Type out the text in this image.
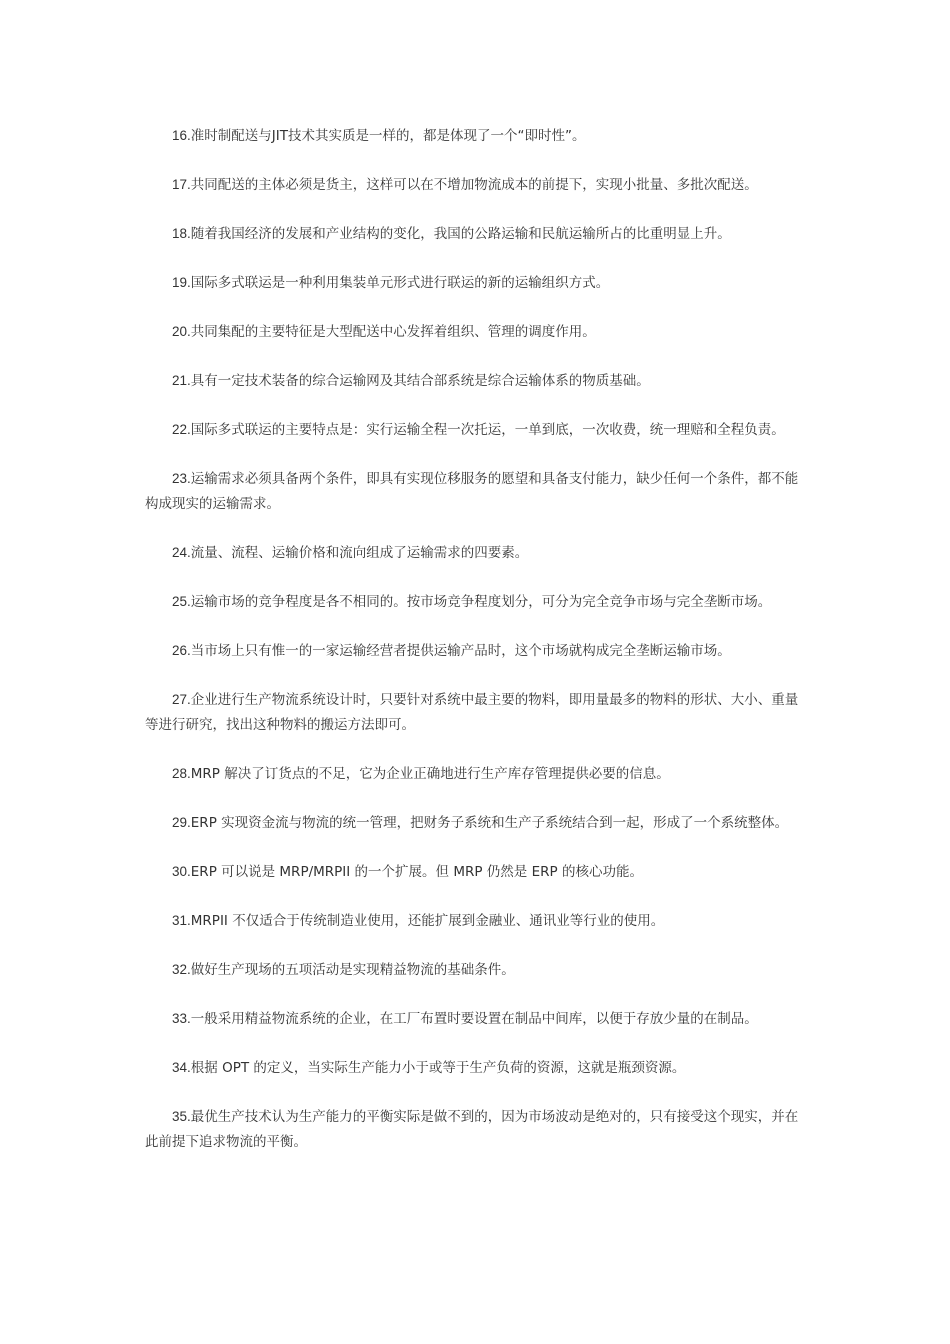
16.准时制配送与JIT技术其实质是一样的，都是体现了一个“即时性”。

17.共同配送的主体必须是货主，这样可以在不增加物流成本的前提下，实现小批量、多批次配送。

18.随着我国经济的发展和产业结构的变化，我国的公路运输和民航运输所占的比重明显上升。

19.国际多式联运是一种利用集装单元形式进行联运的新的运输组织方式。

20.共同集配的主要特征是大型配送中心发挥着组织、管理的调度作用。

21.具有一定技术装备的综合运输网及其结合部系统是综合运输体系的物质基础。

22.国际多式联运的主要特点是：实行运输全程一次托运，一单到底，一次收费，统一理赔和全程负责。

23.运输需求必须具备两个条件，即具有实现位移服务的愿望和具备支付能力，缺少任何一个条件，都不能构成现实的运输需求。

24.流量、流程、运输价格和流向组成了运输需求的四要素。

25.运输市场的竞争程度是各不相同的。按市场竞争程度划分，可分为完全竞争市场与完全垄断市场。

26.当市场上只有惟一的一家运输经营者提供运输产品时，这个市场就构成完全垄断运输市场。

27.企业进行生产物流系统设计时，只要针对系统中最主要的物料，即用量最多的物料的形状、大小、重量等进行研究，找出这种物料的搬运方法即可。

28.MRP 解决了订货点的不足，它为企业正确地进行生产库存管理提供必要的信息。

29.ERP 实现资金流与物流的统一管理，把财务子系统和生产子系统结合到一起，形成了一个系统整体。

30.ERP 可以说是 MRP/MRPII 的一个扩展。但 MRP 仍然是 ERP 的核心功能。

31.MRPII 不仅适合于传统制造业使用，还能扩展到金融业、通讯业等行业的使用。

32.做好生产现场的五项活动是实现精益物流的基础条件。

33.一般采用精益物流系统的企业，在工厂布置时要设置在制品中间库，以便于存放少量的在制品。

34.根据 OPT 的定义，当实际生产能力小于或等于生产负荷的资源，这就是瓶颈资源。

35.最优生产技术认为生产能力的平衡实际是做不到的，因为市场波动是绝对的，只有接受这个现实，并在此前提下追求物流的平衡。
